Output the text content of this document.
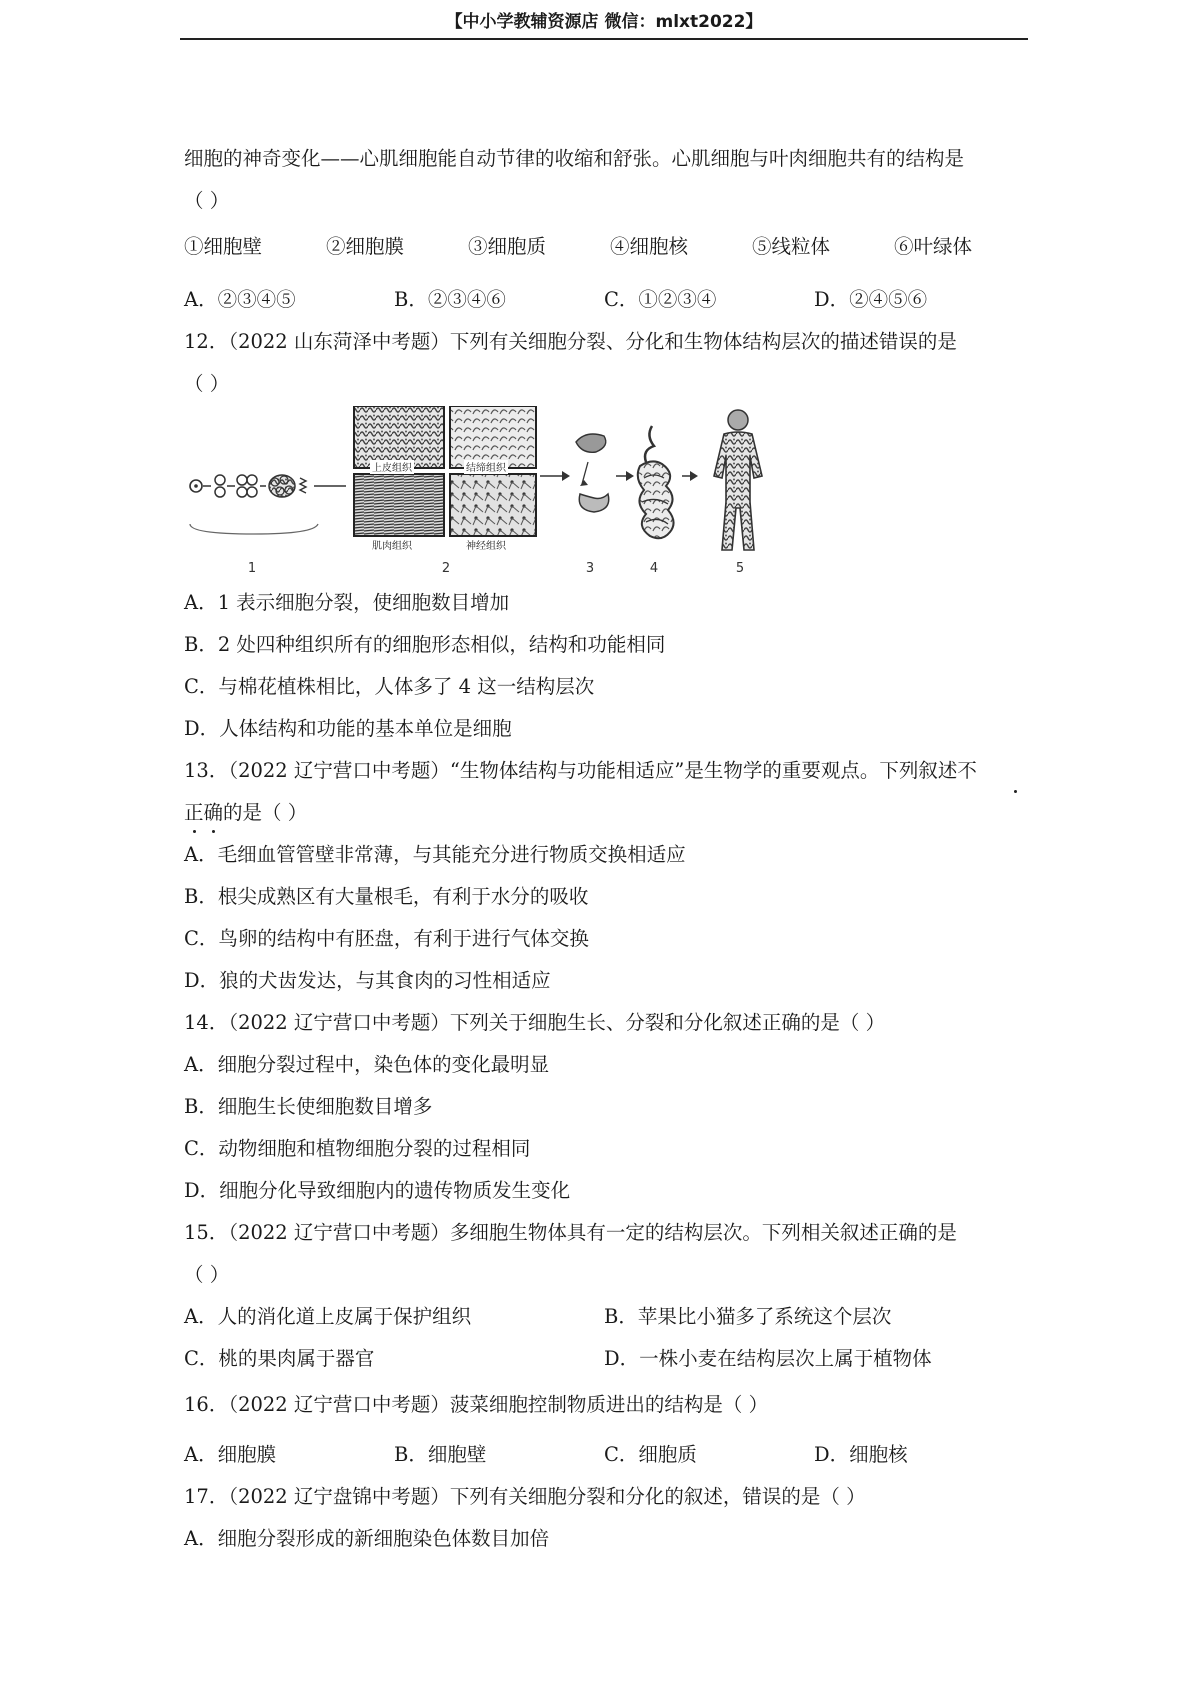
【中小学教辅资源店 微信：mlxt2022】
细胞的神奇变化——心肌细胞能自动节律的收缩和舒张。心肌细胞与叶肉细胞共有的结构是
（ ）
①细胞壁	②细胞膜	③细胞质	④细胞核	⑤线粒体	⑥叶绿体
A．②③④⑤	B．②③④⑥	C．①②③④	D．②④⑤⑥
12．（2022 山东菏泽中考题）下列有关细胞分裂、分化和生物体结构层次的描述错误的是
（ ）
上皮组织	结缔组织
肌肉组织	神经组织
1	2	3	4	5
A．1 表示细胞分裂，使细胞数目增加
B．2 处四种组织所有的细胞形态相似，结构和功能相同
C．与棉花植株相比，人体多了 4 这一结构层次
D．人体结构和功能的基本单位是细胞
13．（2022 辽宁营口中考题）“生物体结构与功能相适应”是生物学的重要观点。下列叙述不
正确的是（ ）
A．毛细血管管壁非常薄，与其能充分进行物质交换相适应
B．根尖成熟区有大量根毛，有利于水分的吸收
C．鸟卵的结构中有胚盘，有利于进行气体交换
D．狼的犬齿发达，与其食肉的习性相适应
14．（2022 辽宁营口中考题）下列关于细胞生长、分裂和分化叙述正确的是（ ）
A．细胞分裂过程中，染色体的变化最明显
B．细胞生长使细胞数目增多
C．动物细胞和植物细胞分裂的过程相同
D．细胞分化导致细胞内的遗传物质发生变化
15．（2022 辽宁营口中考题）多细胞生物体具有一定的结构层次。下列相关叙述正确的是
（ ）
A．人的消化道上皮属于保护组织	B．苹果比小猫多了系统这个层次
C．桃的果肉属于器官	D．一株小麦在结构层次上属于植物体
16．（2022 辽宁营口中考题）菠菜细胞控制物质进出的结构是（ ）
A．细胞膜	B．细胞壁	C．细胞质	D．细胞核
17．（2022 辽宁盘锦中考题）下列有关细胞分裂和分化的叙述，错误的是（ ）
A．细胞分裂形成的新细胞染色体数目加倍
